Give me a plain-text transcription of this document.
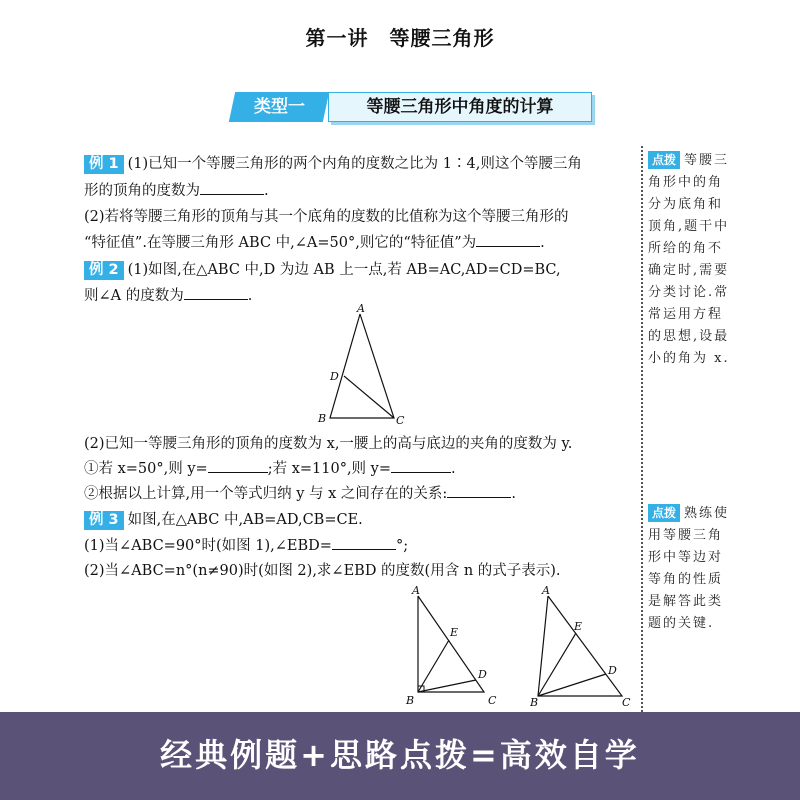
第一讲　等腰三角形
类型一	等腰三角形中角度的计算
例 1 (1)已知一个等腰三角形的两个内角的度数之比为 1∶4,则这个等腰三角
形的顶角的度数为	.
(2)若将等腰三角形的顶角与其一个底角的度数的比值称为这个等腰三角形的
“特征值”.在等腰三角形 ABC 中,∠A=50°,则它的“特征值”为	.
例 2 (1)如图,在△ABC 中,D 为边 AB 上一点,若 AB=AC,AD=CD=BC,
则∠A 的度数为	.
(2)已知一等腰三角形的顶角的度数为 x,一腰上的高与底边的夹角的度数为 y.
①若 x=50°,则 y=	;若 x=110°,则 y=	.
②根据以上计算,用一个等式归纳 y 与 x 之间存在的关系:	.
例 3 如图,在△ABC 中,AB=AD,CB=CE.
(1)当∠ABC=90°时(如图 1),∠EBD=	°;
(2)当∠ABC=n°(n≠90)时(如图 2),求∠EBD 的度数(用含 n 的式子表示).
A
D
B	C
A
E
D
B	C
A
E
D
B	C
点拨 等腰三角形中的角分为底角和顶角,题干中所给的角不确定时,需要分类讨论.常常运用方程的思想,设最小的角为 x.
点拨 熟练使用等腰三角形中等边对等角的性质是解答此类题的关键.
经典例题+思路点拨=高效自学
